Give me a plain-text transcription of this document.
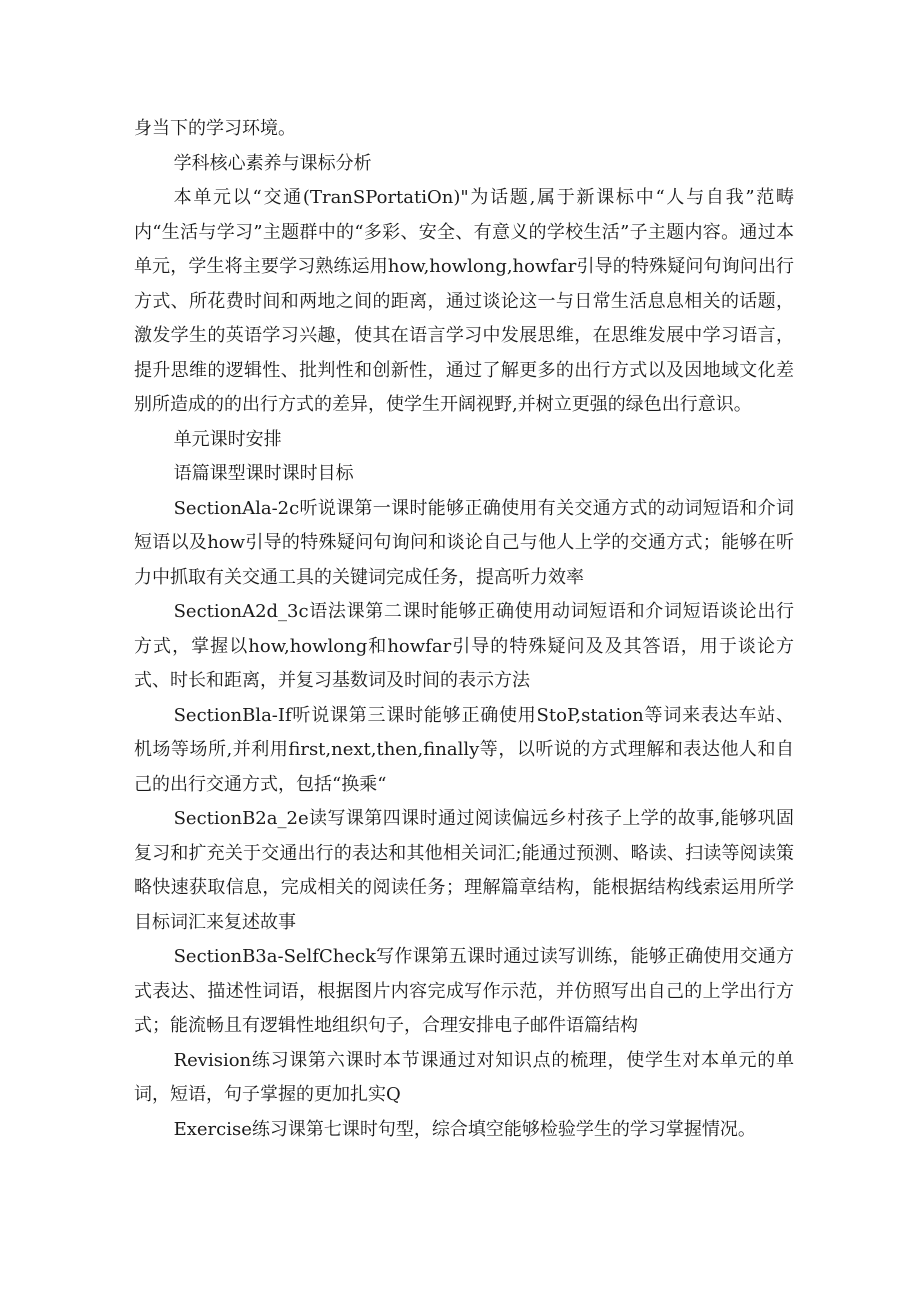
身当下的学习环境。

学科核心素养与课标分析

本单元以“交通(TranSPortatiOn)"为话题,属于新课标中“人与自我”范畴内“生活与学习”主题群中的“多彩、安全、有意义的学校生活”子主题内容。通过本单元，学生将主要学习熟练运用how,howlong,howfar引导的特殊疑问句询问出行方式、所花费时间和两地之间的距离，通过谈论这一与日常生活息息相关的话题，激发学生的英语学习兴趣，使其在语言学习中发展思维，在思维发展中学习语言，提升思维的逻辑性、批判性和创新性，通过了解更多的出行方式以及因地域文化差别所造成的的出行方式的差异，使学生开阔视野,并树立更强的绿色出行意识。

单元课时安排

语篇课型课时课时目标

SectionAla-2c听说课第一课时能够正确使用有关交通方式的动词短语和介词短语以及how引导的特殊疑问句询问和谈论自己与他人上学的交通方式；能够在听力中抓取有关交通工具的关键词完成任务，提高听力效率

SectionA2d_3c语法课第二课时能够正确使用动词短语和介词短语谈论出行方式，掌握以how,howlong和howfar引导的特殊疑问及及其答语，用于谈论方式、时长和距离，并复习基数词及时间的表示方法

SectionBla-If听说课第三课时能够正确使用StoP,station等词来表达车站、机场等场所,并利用first,next,then,finally等，以听说的方式理解和表达他人和自己的出行交通方式，包括“换乘“

SectionB2a_2e读写课第四课时通过阅读偏远乡村孩子上学的故事,能够巩固复习和扩充关于交通出行的表达和其他相关词汇;能通过预测、略读、扫读等阅读策略快速获取信息，完成相关的阅读任务；理解篇章结构，能根据结构线索运用所学目标词汇来复述故事

SectionB3a-SelfCheck写作课第五课时通过读写训练，能够正确使用交通方式表达、描述性词语，根据图片内容完成写作示范，并仿照写出自己的上学出行方式；能流畅且有逻辑性地组织句子，合理安排电子邮件语篇结构

Revision练习课第六课时本节课通过对知识点的梳理，使学生对本单元的单词，短语，句子掌握的更加扎实Q

Exercise练习课第七课时句型，综合填空能够检验学生的学习掌握情况。
